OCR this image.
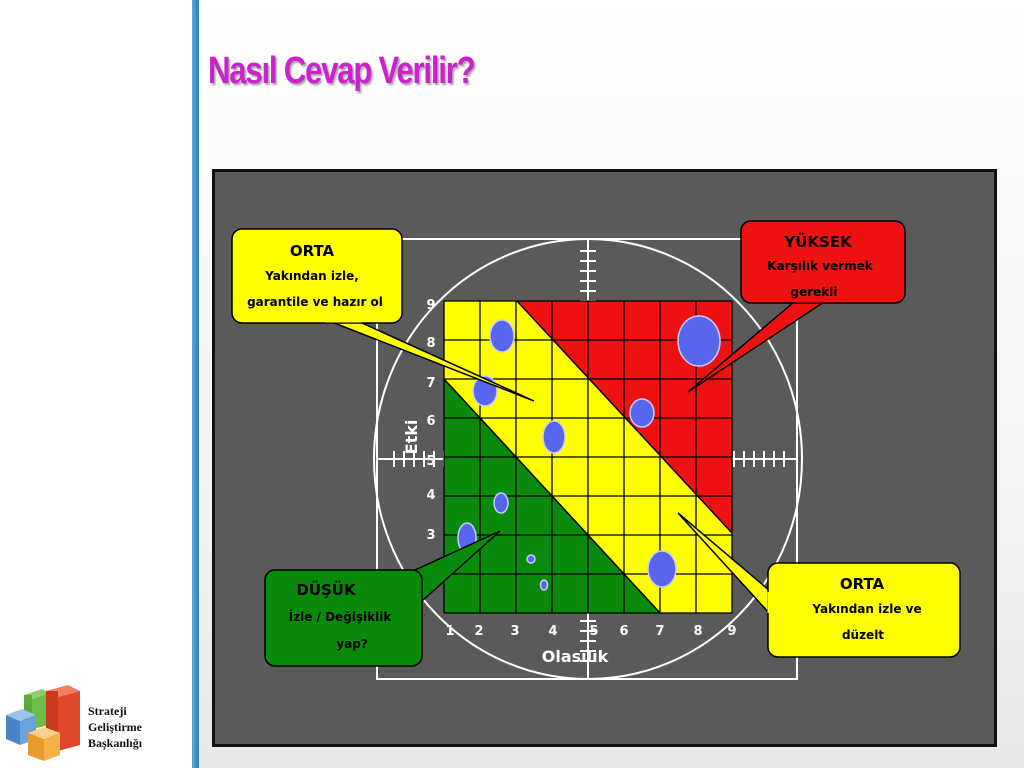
Nasıl Cevap Verilir?
Strateji
Geliştirme
Başkanlığı
3
4
5
6
7
8
9
1 2 3 4 5 6 7 8 9
Etki
Olasılık
ORTA
Yakından izle,
garantile ve hazır ol
YÜKSEK
Karşılık vermek
gerekli
DÜŞÜK
İzle / Değişiklik
yap?
ORTA
Yakından izle ve
düzelt
